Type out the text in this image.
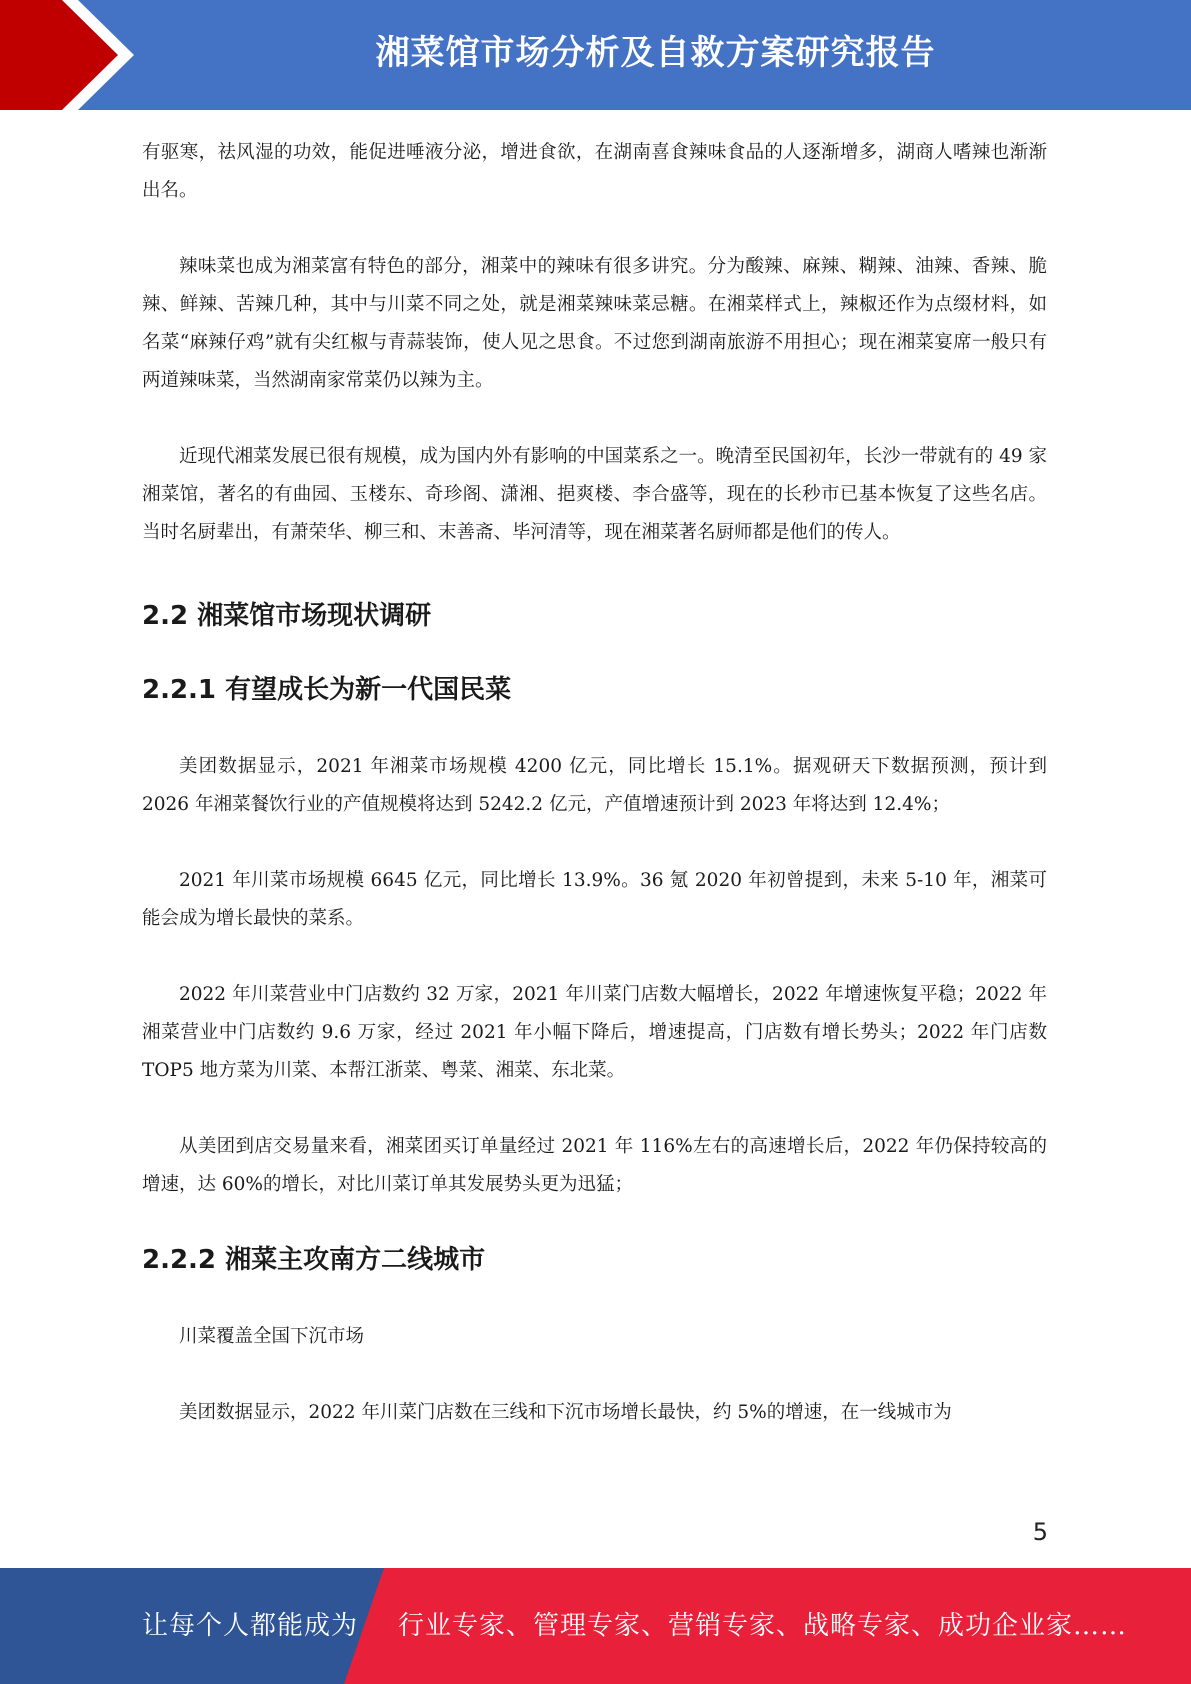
湘菜馆市场分析及自救方案研究报告

有驱寒，祛风湿的功效，能促进唾液分泌，增进食欲，在湖南喜食辣味食品的人逐渐增多，湖商人嗜辣也渐渐出名。

辣味菜也成为湘菜富有特色的部分，湘菜中的辣味有很多讲究。分为酸辣、麻辣、糊辣、油辣、香辣、脆辣、鲜辣、苦辣几种，其中与川菜不同之处，就是湘菜辣味菜忌糖。在湘菜样式上，辣椒还作为点缀材料，如名菜“麻辣仔鸡”就有尖红椒与青蒜装饰，使人见之思食。不过您到湖南旅游不用担心；现在湘菜宴席一般只有两道辣味菜，当然湖南家常菜仍以辣为主。

近现代湘菜发展已很有规模，成为国内外有影响的中国菜系之一。晚清至民国初年，长沙一带就有的 49 家湘菜馆，著名的有曲园、玉楼东、奇珍阁、潇湘、挹爽楼、李合盛等，现在的长秒市已基本恢复了这些名店。当时名厨辈出，有萧荣华、柳三和、末善斋、毕河清等，现在湘菜著名厨师都是他们的传人。

2.2 湘菜馆市场现状调研
2.2.1 有望成长为新一代国民菜

美团数据显示，2021 年湘菜市场规模 4200 亿元，同比增长 15.1%。据观研天下数据预测，预计到 2026 年湘菜餐饮行业的产值规模将达到 5242.2 亿元，产值增速预计到 2023 年将达到 12.4%；

2021 年川菜市场规模 6645 亿元，同比增长 13.9%。36 氪 2020 年初曾提到，未来 5-10 年，湘菜可能会成为增长最快的菜系。

2022 年川菜营业中门店数约 32 万家，2021 年川菜门店数大幅增长，2022 年增速恢复平稳；2022 年湘菜营业中门店数约 9.6 万家，经过 2021 年小幅下降后，增速提高，门店数有增长势头；2022 年门店数 TOP5 地方菜为川菜、本帮江浙菜、粤菜、湘菜、东北菜。

从美团到店交易量来看，湘菜团买订单量经过 2021 年 116%左右的高速增长后，2022 年仍保持较高的增速，达 60%的增长，对比川菜订单其发展势头更为迅猛；

2.2.2 湘菜主攻南方二线城市

川菜覆盖全国下沉市场

美团数据显示，2022 年川菜门店数在三线和下沉市场增长最快，约 5%的增速，在一线城市为

5
让每个人都能成为 行业专家、管理专家、营销专家、战略专家、成功企业家……
